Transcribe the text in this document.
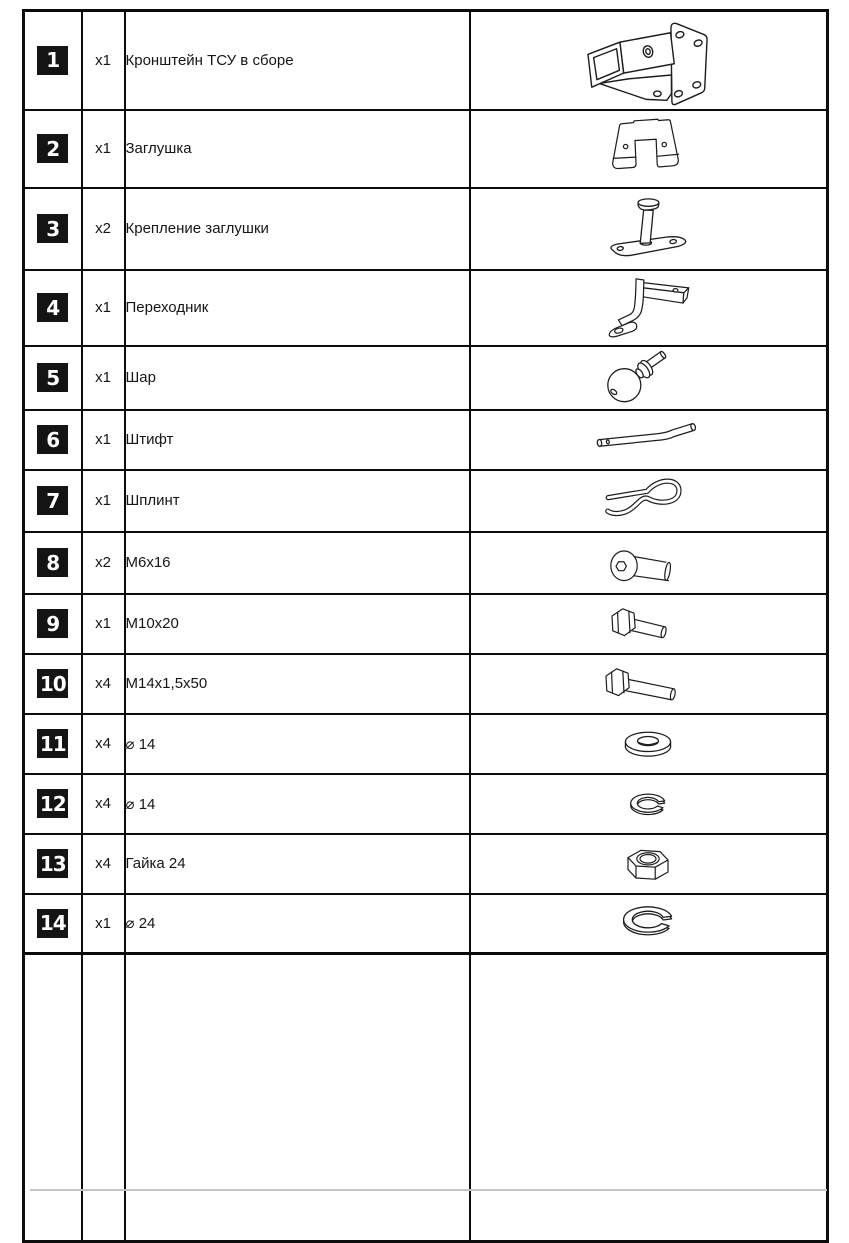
1	x1	Кронштейн ТСУ в сборе	
2	x1	Заглушка	
3	x2	Крепление заглушки	
4	x1	Переходник	
5	x1	Шар	
6	x1	Штифт	
7	x1	Шплинт	
8	x2	M6x16	
9	x1	M10x20	
10	x4	M14x1,5x50	
11	x4	⌀ 14	
12	x4	⌀ 14	
13	x4	Гайка 24	
14	x1	⌀ 24	
